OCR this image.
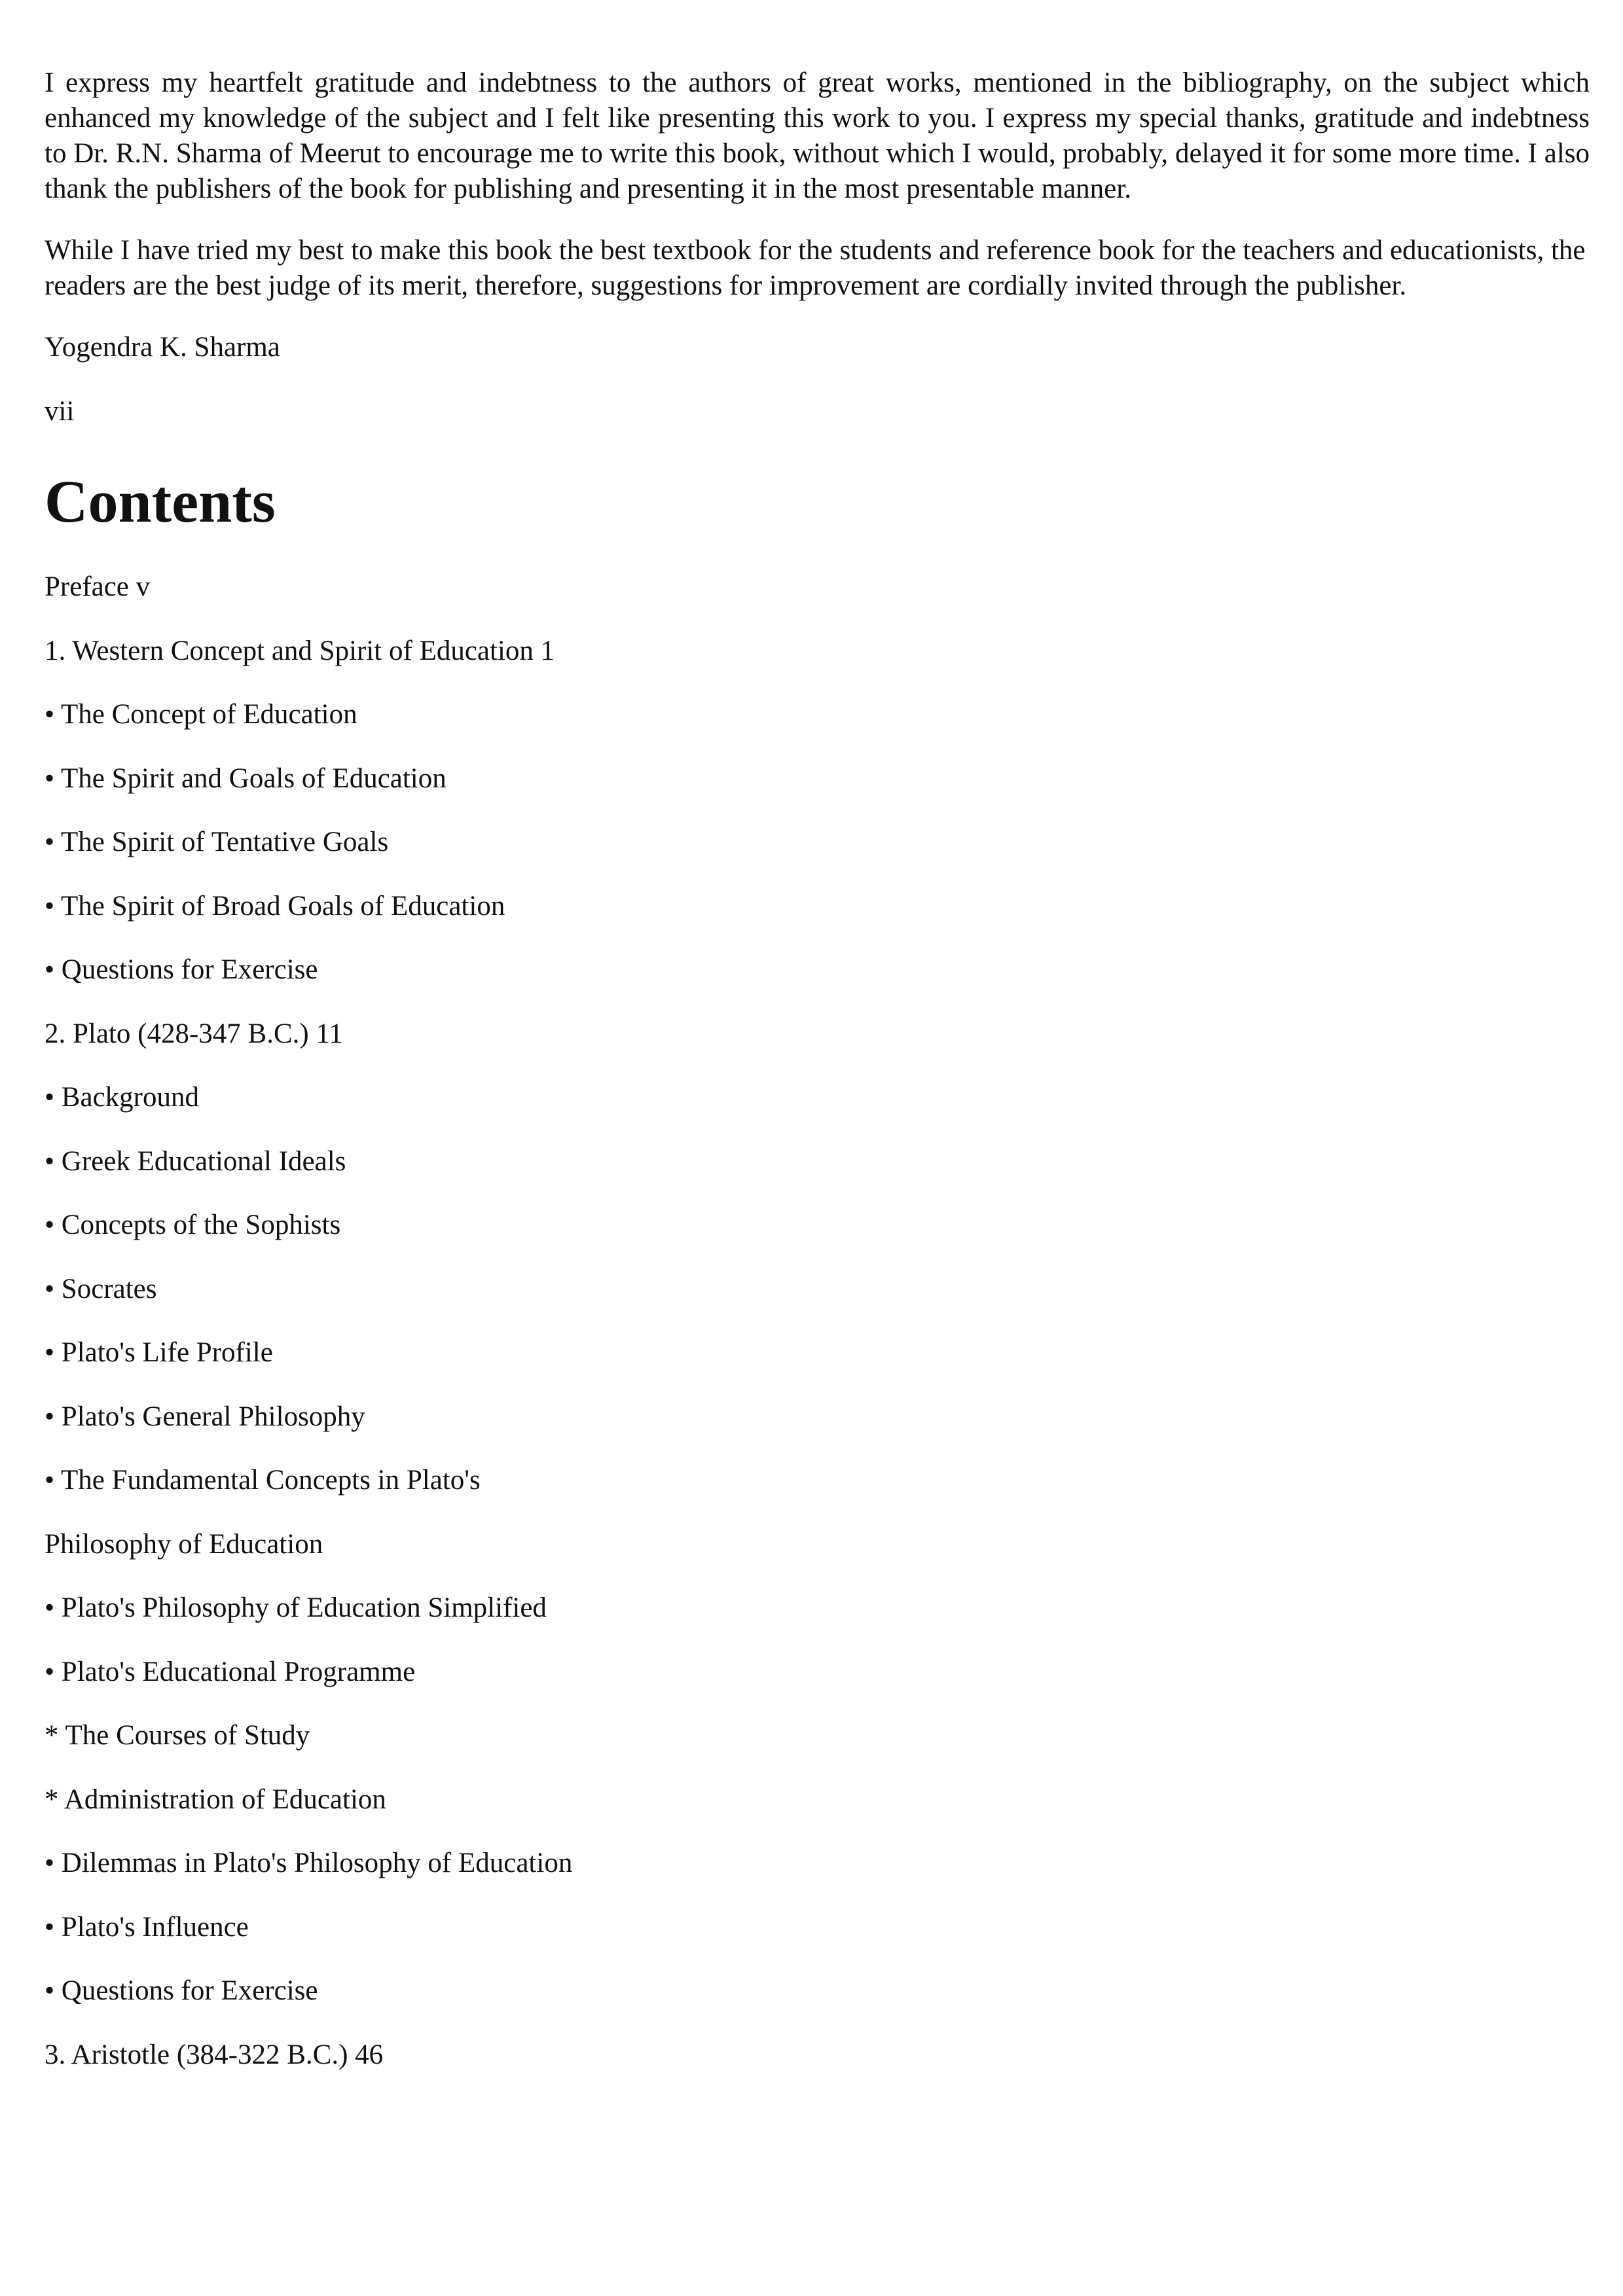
I express my heartfelt gratitude and indebtness to the authors of great works, mentioned in the bibliography, on the subject which enhanced my knowledge of the subject and I felt like presenting this work to you. I express my special thanks, gratitude and indebtness to Dr. R.N. Sharma of Meerut to encourage me to write this book, without which I would, probably, delayed it for some more time. I also thank the publishers of the book for publishing and presenting it in the most presentable manner.

While I have tried my best to make this book the best textbook for the students and reference book for the teachers and educationists, the readers are the best judge of its merit, therefore, suggestions for improvement are cordially invited through the publisher.

Yogendra K. Sharma
vii
Contents
Preface v
1. Western Concept and Spirit of Education 1
• The Concept of Education
• The Spirit and Goals of Education
• The Spirit of Tentative Goals
• The Spirit of Broad Goals of Education
• Questions for Exercise
2. Plato (428-347 B.C.) 11
• Background
• Greek Educational Ideals
• Concepts of the Sophists
• Socrates
• Plato's Life Profile
• Plato's General Philosophy
• The Fundamental Concepts in Plato's
Philosophy of Education
• Plato's Philosophy of Education Simplified
• Plato's Educational Programme
* The Courses of Study
* Administration of Education
• Dilemmas in Plato's Philosophy of Education
• Plato's Influence
• Questions for Exercise
3. Aristotle (384-322 B.C.) 46
